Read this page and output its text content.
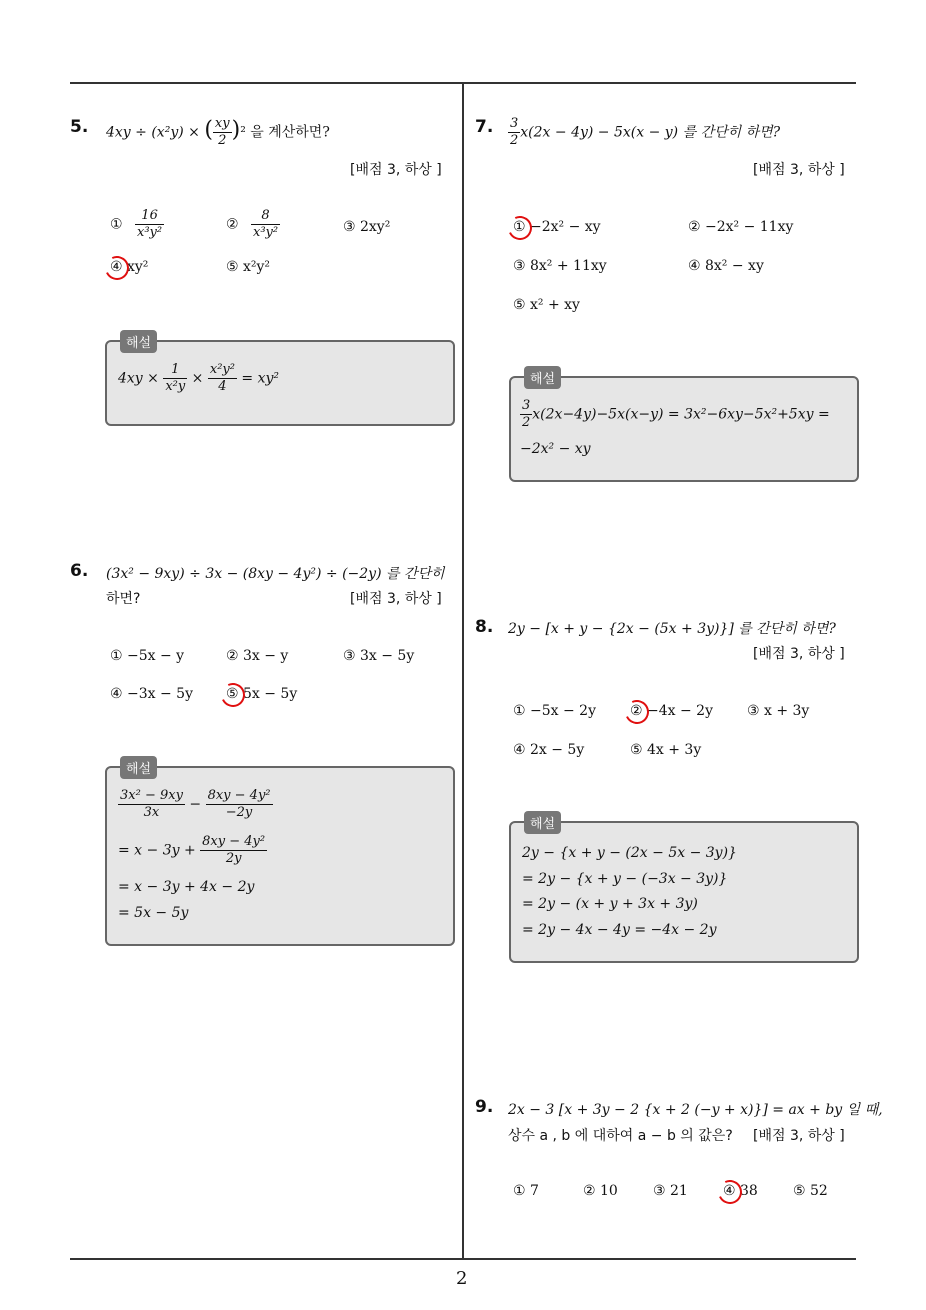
2
5. 4xy ÷ (x²y) × ( $\frac{xy}{2} )^2$ 을 계산하면?
[배점 3, 하상 ]
① $\frac{16}{\text{x³y²}}$	② $\frac{8}{\text{x³y²}}$	③ 2xy²
④ xy²	⑤ x²y²
해설
$4xy \times \frac{1}{\text{x²y}} \times \frac{\text{x²y²}}{4} = xy^2$
6. (3x² − 9xy) ÷ 3x − (8xy − 4y²) ÷ (−2y) 를 간단히
하면?	[배점 3, 하상 ]
① −5x − y	② 3x − y	③ 3x − 5y
④ −3x − 5y ⑤ 5x − 5y
해설
$\frac{\text{3x² − 9xy}}{3x} - \frac{\text{8xy − 4y²}}{-2y}$
= $x - 3y + \frac{\text{8xy − 4y²}}{2y}$
= x − 3y + 4x − 2y
= 5x − 5y
7. $\frac{3}{2} x(2x - 4y) - 5x(x - y)$ 를 간단히 하면?
[배점 3, 하상 ]
① −2x² − xy	② −2x² − 11xy
③ 8x² + 11xy	④ 8x² − xy
⑤ x² + xy
해설
$\frac{3}{2} x(2x-4y)-5x(x-y) = 3x^2-6xy-5x^2+5xy$ =
−2x² − xy
8. 2y − [x + y − {2x − (5x + 3y)}] 를 간단히 하면?
[배점 3, 하상 ]
① −5x − 2y ② −4x − 2y ③ x + 3y
④ 2x − 5y	⑤ 4x + 3y
해설
2y − {x + y − (2x − 5x − 3y)}
= 2y − {x + y − (−3x − 3y)}
= 2y − (x + y + 3x + 3y)
= 2y − 4x − 4y = −4x − 2y
9. 2x − 3 [x + 3y − 2 {x + 2 (−y + x)}] = ax + by 일 때,
상수 a , b 에 대하여 a − b 의 값은? [배점 3, 하상 ]
① 7	② 10	③ 21	④ 38	⑤ 52
